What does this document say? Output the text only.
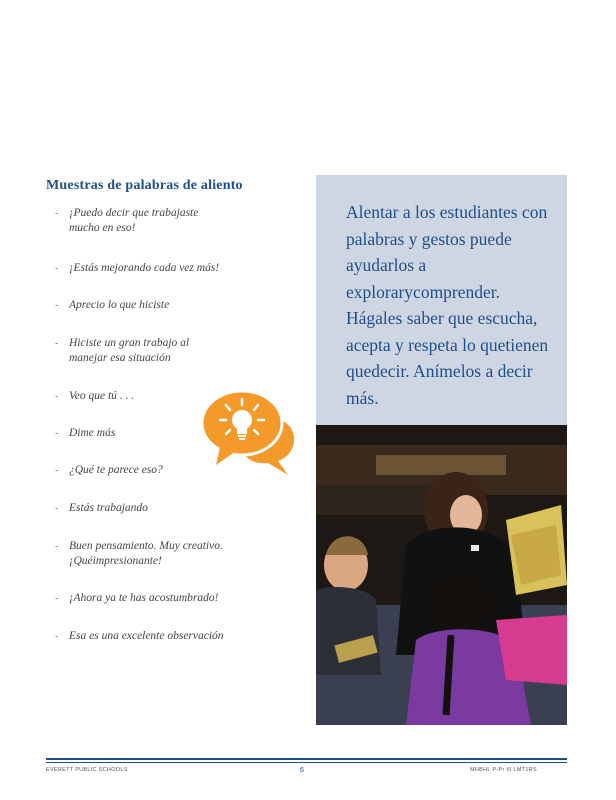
Muestras de palabras de aliento
- ¡Puedo decir que trabajaste mucho en eso!
- ¡Estás mejorando cada vez más!
- Aprecio lo que hiciste
- Hiciste un gran trabajo al manejar esa situación
- Veo que tú . . .
- Dime más
- ¿Qué te parece eso?
- Estás trabajando
- Buen pensamiento. Muy creativo. ¡Quéimpresionante!
- ¡Ahora ya te has acostumbrado!
- Esa es una excelente observación
Alentar a los estudiantes con palabras y gestos puede ayudarlos a explorarycomprender. Hágales saber que escucha, acepta y respeta lo quetienen quedecir. Anímelos a decir más.
EVERETT PUBLIC SCHOOLS	6	MHBHL P-Pr I0 LMT1RS
